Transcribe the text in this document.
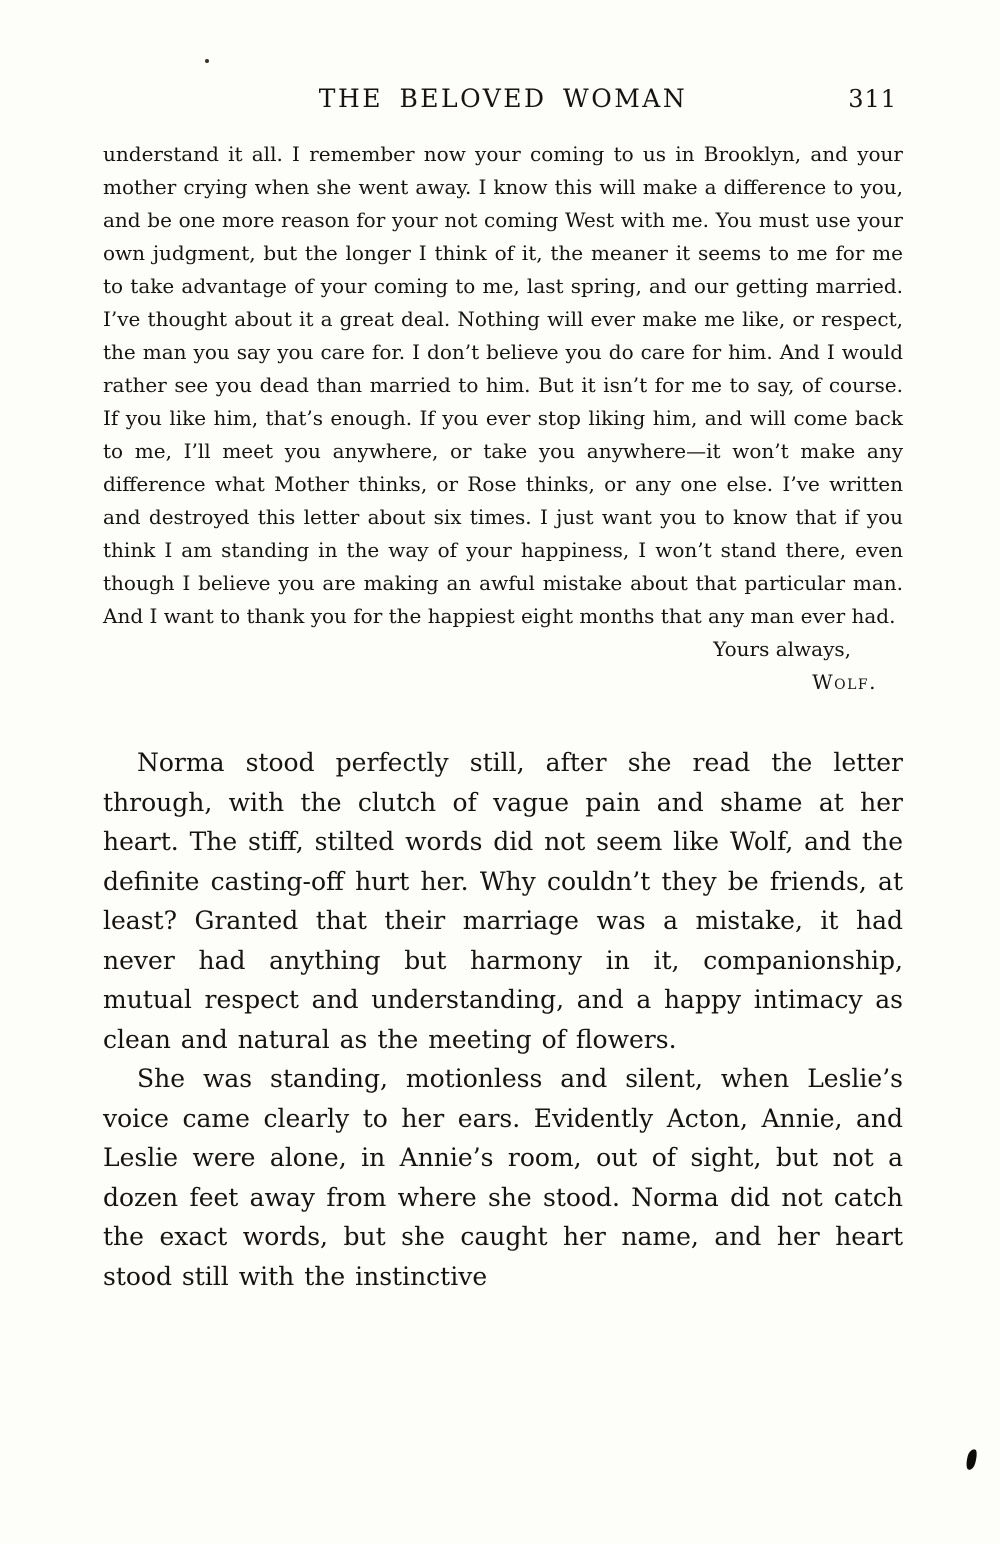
THE BELOVED WOMAN	311

understand it all. I remember now your coming to us in Brooklyn, and your mother crying when she went away. I know this will make a difference to you, and be one more reason for your not coming West with me. You must use your own judgment, but the longer I think of it, the meaner it seems to me for me to take advantage of your coming to me, last spring, and our getting married. I’ve thought about it a great deal. Nothing will ever make me like, or respect, the man you say you care for. I don’t believe you do care for him. And I would rather see you dead than married to him. But it isn’t for me to say, of course. If you like him, that’s enough. If you ever stop liking him, and will come back to me, I’ll meet you anywhere, or take you anywhere—it won’t make any difference what Mother thinks, or Rose thinks, or any one else. I’ve written and destroyed this letter about six times. I just want you to know that if you think I am standing in the way of your happiness, I won’t stand there, even though I believe you are making an awful mistake about that particular man. And I want to thank you for the happiest eight months that any man ever had.

Yours always,

Wolf.

Norma stood perfectly still, after she read the letter through, with the clutch of vague pain and shame at her heart. The stiff, stilted words did not seem like Wolf, and the definite casting-off hurt her. Why couldn’t they be friends, at least? Granted that their marriage was a mistake, it had never had anything but harmony in it, companionship, mutual respect and understanding, and a happy intimacy as clean and natural as the meeting of flowers.

She was standing, motionless and silent, when Leslie’s voice came clearly to her ears. Evidently Acton, Annie, and Leslie were alone, in Annie’s room, out of sight, but not a dozen feet away from where she stood. Norma did not catch the exact words, but she caught her name, and her heart stood still with the instinctive
